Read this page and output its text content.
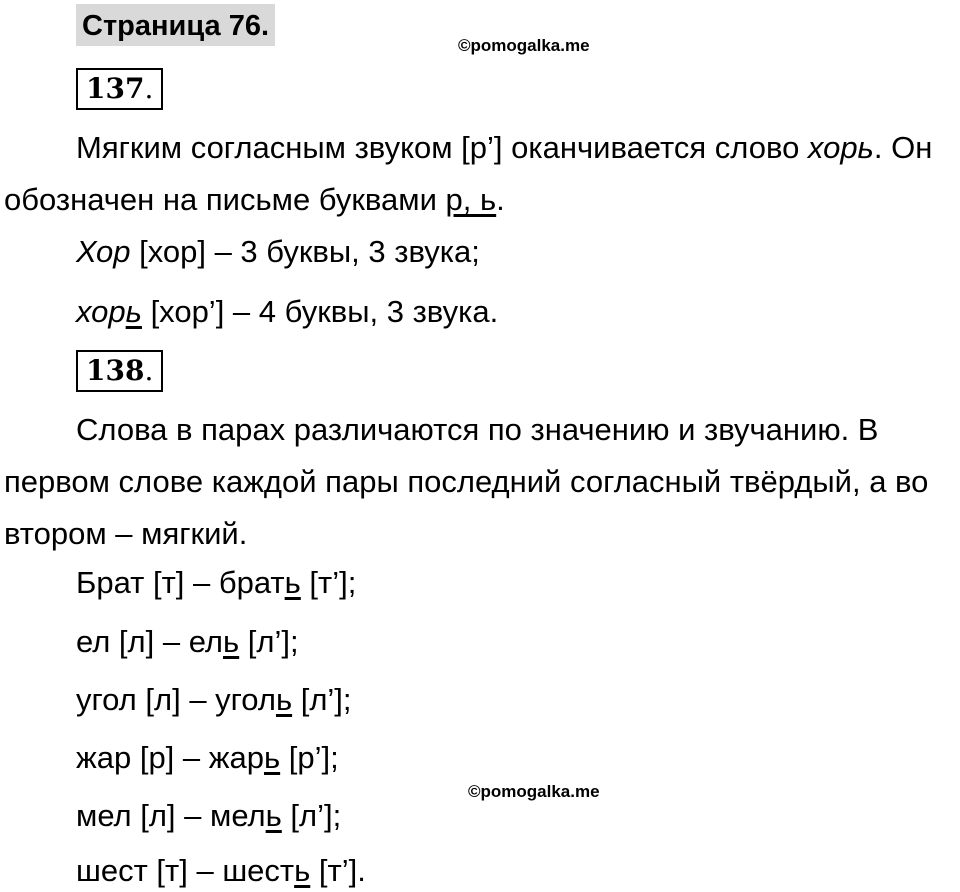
Страница 76.
©pomogalka.me
137.
Мягким согласным звуком [р’] оканчивается слово хорь. Он обозначен на письме буквами р, ь.
Хор [хор] – 3 буквы, 3 звука;
хорь [хор’] – 4 буквы, 3 звука.
138.
Слова в парах различаются по значению и звучанию. В первом слове каждой пары последний согласный твёрдый, а во втором – мягкий.
Брат [т] – брать [т’];
ел [л] – ель [л’];
угол [л] – уголь [л’];
жар [р] – жарь [р’];
©pomogalka.me
мел [л] – мель [л’];
шест [т] – шесть [т’].
